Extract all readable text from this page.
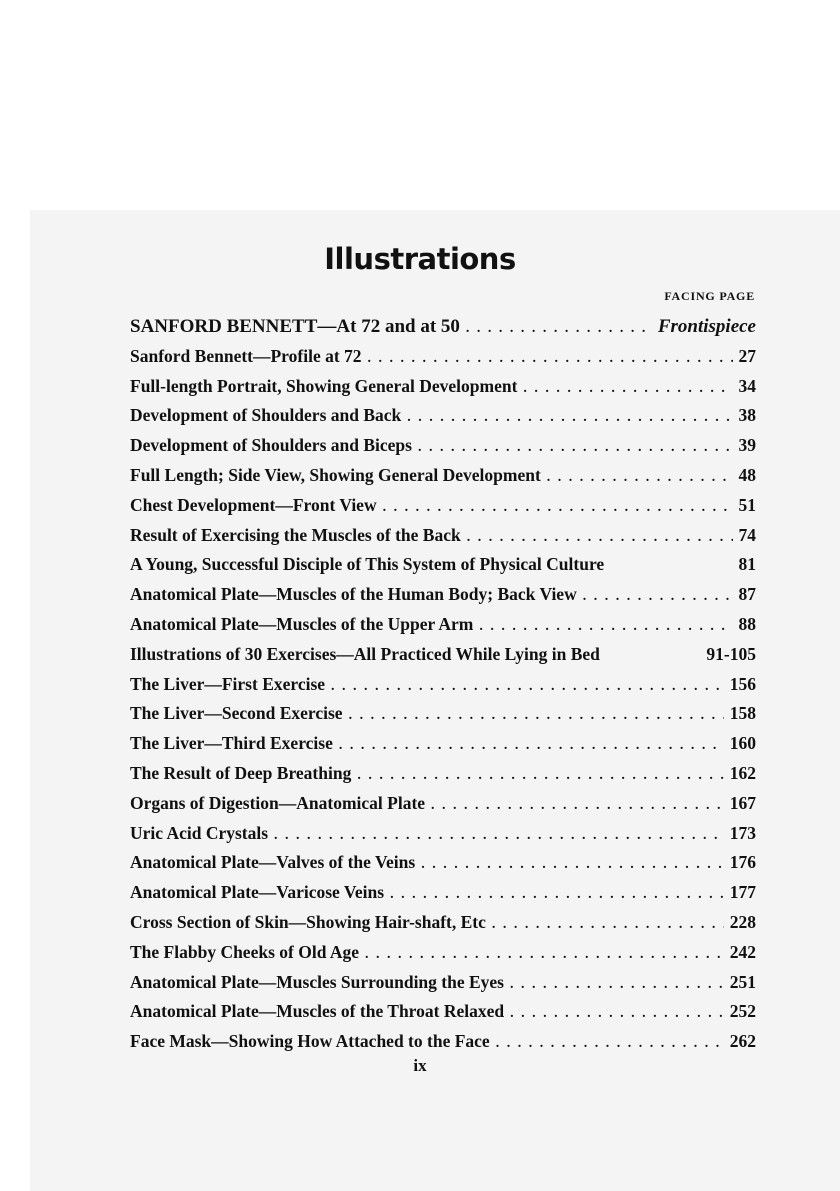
Illustrations
FACING PAGE
SANFORD BENNETT—At 72 and at 50 . . .	Frontispiece
Sanford Bennett—Profile at 72 . . .	27
Full-length Portrait, Showing General Development . . .	34
Development of Shoulders and Back . . .	38
Development of Shoulders and Biceps . . .	39
Full Length; Side View, Showing General Development . . .	48
Chest Development—Front View . . .	51
Result of Exercising the Muscles of the Back . . .	74
A Young, Successful Disciple of This System of Physical Culture	81
Anatomical Plate—Muscles of the Human Body; Back View . . .	87
Anatomical Plate—Muscles of the Upper Arm . . .	88
Illustrations of 30 Exercises—All Practiced While Lying in Bed	91-105
The Liver—First Exercise . . .	156
The Liver—Second Exercise . . .	158
The Liver—Third Exercise . . .	160
The Result of Deep Breathing . . .	162
Organs of Digestion—Anatomical Plate . . .	167
Uric Acid Crystals . . .	173
Anatomical Plate—Valves of the Veins . . .	176
Anatomical Plate—Varicose Veins . . .	177
Cross Section of Skin—Showing Hair-shaft, Etc . . .	228
The Flabby Cheeks of Old Age . . .	242
Anatomical Plate—Muscles Surrounding the Eyes . . .	251
Anatomical Plate—Muscles of the Throat Relaxed . . .	252
Face Mask—Showing How Attached to the Face . . .	262
ix
